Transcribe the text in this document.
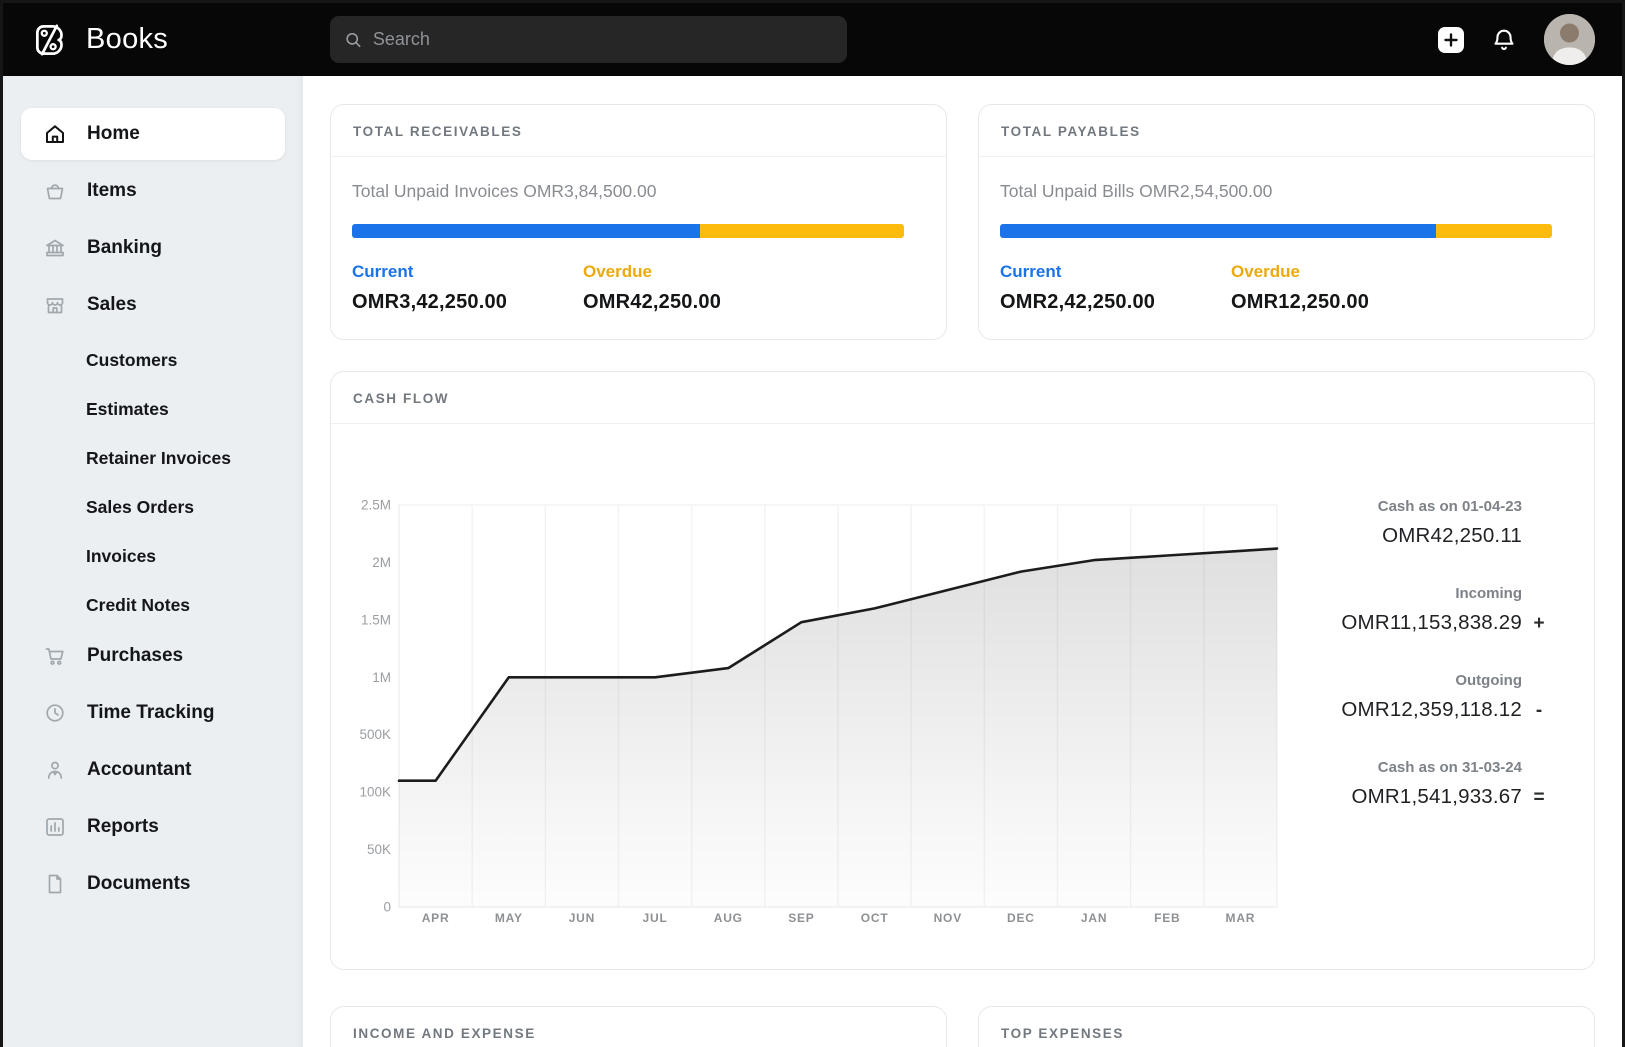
Books
Search
Home
Items
Banking
Sales
Customers
Estimates
Retainer Invoices
Sales Orders
Invoices
Credit Notes
Purchases
Time Tracking
Accountant
Reports
Documents
TOTAL RECEIVABLES
Total Unpaid Invoices OMR3,84,500.00
Current
OMR3,42,250.00
Overdue
OMR42,250.00
TOTAL PAYABLES
Total Unpaid Bills OMR2,54,500.00
Current
OMR2,42,250.00
Overdue
OMR12,250.00
CASH FLOW
2.5M
2M
1.5M
1M
500K
100K
50K
0
APR	MAY	JUN	JUL	AUG	SEP	OCT	NOV	DEC	JAN	FEB	MAR
Cash as on 01-04-23
OMR42,250.11
Incoming
OMR11,153,838.29 +
Outgoing
OMR12,359,118.12 -
Cash as on 31-03-24
OMR1,541,933.67 =
INCOME AND EXPENSE	TOP EXPENSES
